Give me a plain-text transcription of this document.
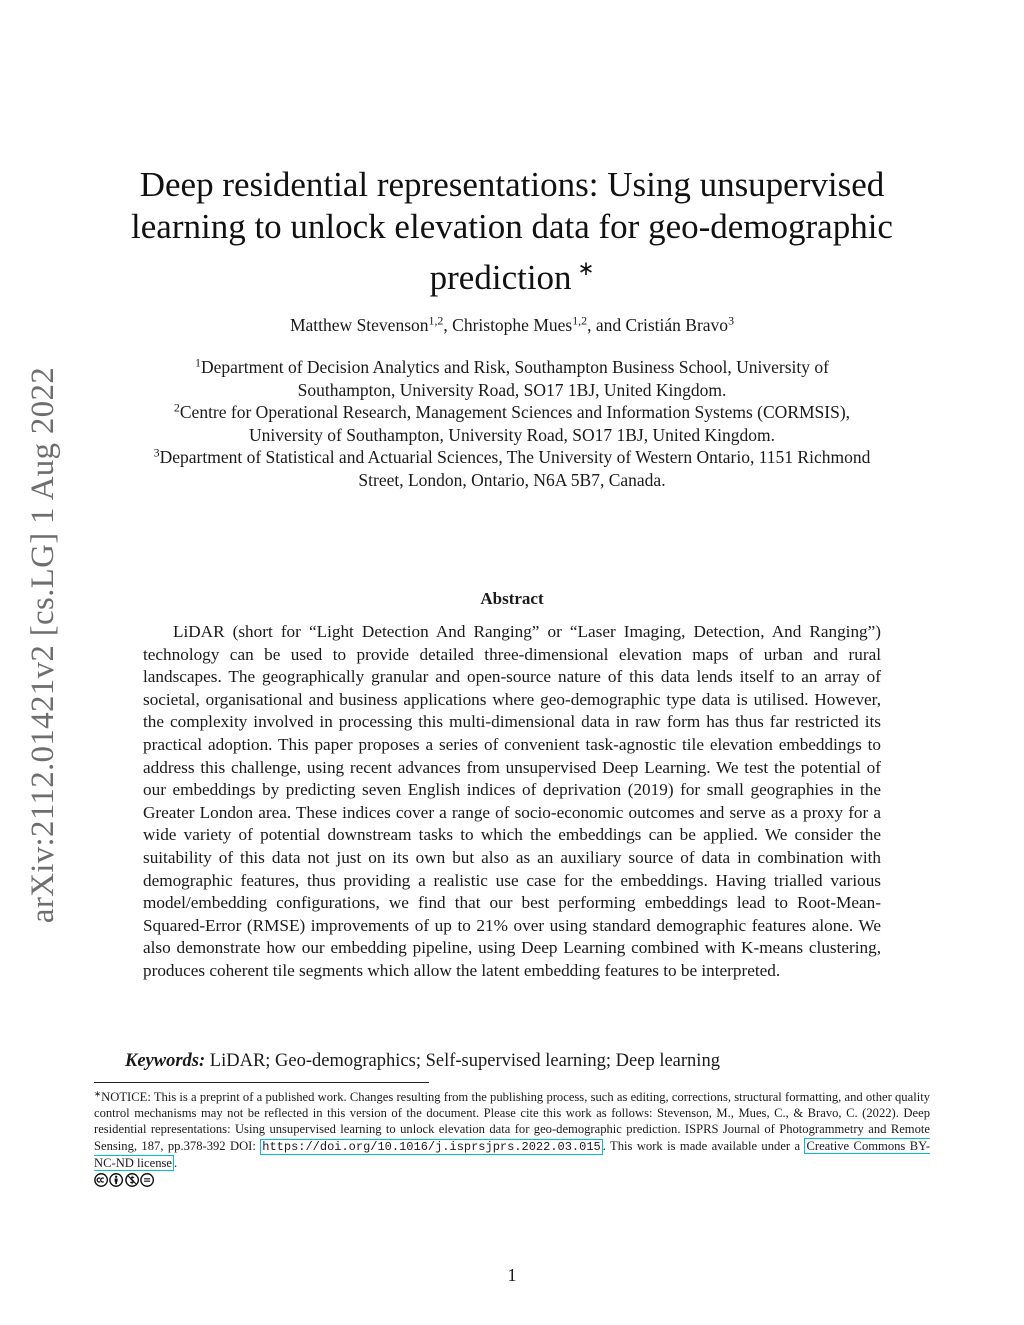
arXiv:2112.01421v2 [cs.LG] 1 Aug 2022
Deep residential representations: Using unsupervised
learning to unlock elevation data for geo-demographic
prediction ∗
Matthew Stevenson$^{1,2}$, Christophe Mues$^{1,2}$, and Cristián Bravo$^3$

$^1$Department of Decision Analytics and Risk, Southampton Business School, University of

Southampton, University Road, SO17 1BJ, United Kingdom.

$^2$Centre for Operational Research, Management Sciences and Information Systems (CORMSIS),

University of Southampton, University Road, SO17 1BJ, United Kingdom.

$^3$Department of Statistical and Actuarial Sciences, The University of Western Ontario, 1151 Richmond

Street, London, Ontario, N6A 5B7, Canada.

Abstract

LiDAR (short for “Light Detection And Ranging” or “Laser Imaging, Detection, And Ranging”) technology can be used to provide detailed three-dimensional elevation maps of urban and rural landscapes. The geographically granular and open-source nature of this data lends itself to an array of societal, organisational and business applications where geo-demographic type data is utilised. However, the complexity involved in processing this multi-dimensional data in raw form has thus far restricted its practical adoption. This paper proposes a series of convenient task-agnostic tile elevation embeddings to address this challenge, using recent advances from unsupervised Deep Learning. We test the potential of our embeddings by predicting seven English indices of deprivation (2019) for small geographies in the Greater London area. These indices cover a range of socio-economic outcomes and serve as a proxy for a wide variety of potential downstream tasks to which the embeddings can be applied. We consider the suitability of this data not just on its own but also as an auxiliary source of data in combination with demographic features, thus providing a realistic use case for the embeddings. Having trialled various model/embedding configurations, we find that our best performing embeddings lead to Root-Mean-Squared-Error (RMSE) improvements of up to 21% over using standard demographic features alone. We also demonstrate how our embedding pipeline, using Deep Learning combined with K-means clustering, produces coherent tile segments which allow the latent embedding features to be interpreted.

Keywords: LiDAR; Geo-demographics; Self-supervised learning; Deep learning

∗NOTICE: This is a preprint of a published work. Changes resulting from the publishing process, such as editing, corrections, structural formatting, and other quality control mechanisms may not be reflected in this version of the document. Please cite this work as follows: Stevenson, M., Mues, C., & Bravo, C. (2022). Deep residential representations: Using unsupervised learning to unlock elevation data for geo-demographic prediction. ISPRS Journal of Photogrammetry and Remote Sensing, 187, pp.378-392 DOI: https://doi.org/10.1016/j.isprsjprs.2022.03.015 . This work is made available under a Creative Commons BY-NC-ND license .

1
